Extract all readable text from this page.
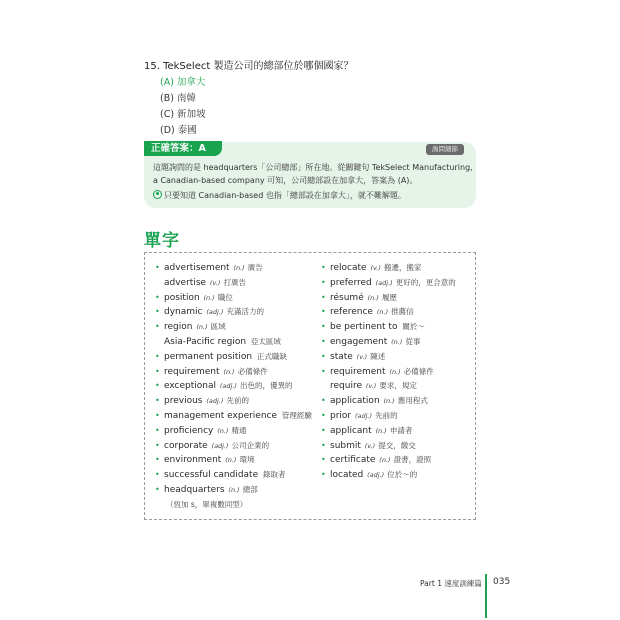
15. TekSelect 製造公司的總部位於哪個國家？
(A) 加拿大
(B) 南韓
(C) 新加坡
(D) 泰國
正確答案：A	詢問細節
這題詢問的是 headquarters「公司總部」所在地。從關鍵句 TekSelect Manufacturing,
a Canadian-based company 可知，公司總部設在加拿大，答案為 (A)。
只要知道 Canadian-based 也指「總部設在加拿大」，就不難解題。
單字
• advertisement (n.) 廣告
advertise (v.) 打廣告
• position (n.) 職位
• dynamic (adj.) 充滿活力的
• region (n.) 區域
Asia-Pacific region 亞太區域
• permanent position 正式職缺
• requirement (n.) 必備條件
• exceptional (adj.) 出色的，優異的
• previous (adj.) 先前的
• management experience 管理經驗
• proficiency (n.) 精通
• corporate (adj.) 公司企業的
• environment (n.) 環境
• successful candidate 錄取者
• headquarters (n.) 總部
（恆加 s，單複數同型）
• relocate (v.) 搬遷，搬家
• preferred (adj.) 更好的，更合意的
• résumé (n.) 履歷
• reference (n.) 推薦信
• be pertinent to 關於～
• engagement (n.) 從事
• state (v.) 陳述
• requirement (n.) 必備條件
require (v.) 要求，規定
• application (n.) 應用程式
• prior (adj.) 先前的
• applicant (n.) 申請者
• submit (v.) 提交，繳交
• certificate (n.) 證書，證照
• located (adj.) 位於～的
Part 1 速度訓練篇 035
